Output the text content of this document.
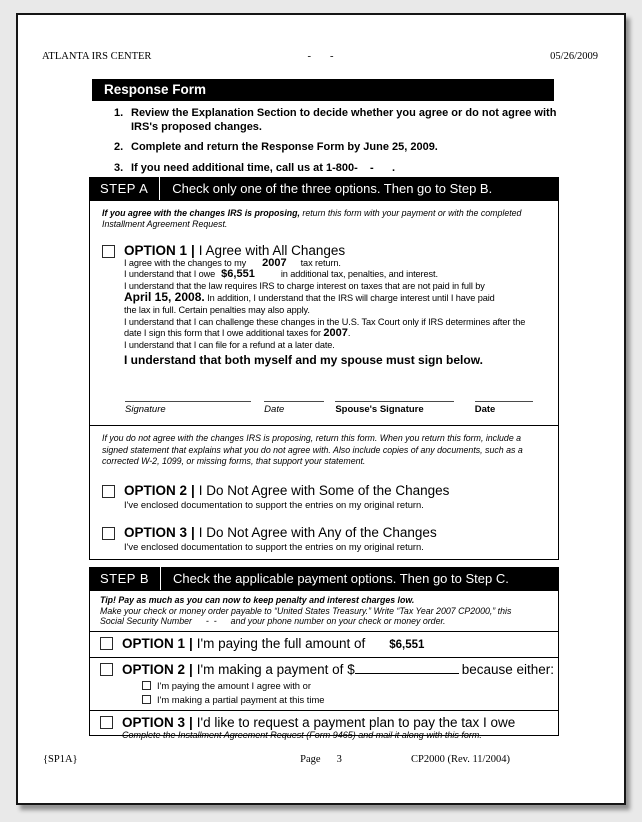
ATLANTA IRS CENTER	-     -	05/26/2009
Response Form
1. Review the Explanation Section to decide whether you agree or do not agree with IRS's proposed changes.
2. Complete and return the Response Form by June 25, 2009.
3. If you need additional time, call us at 1-800-    -      .
STEP A	Check only one of the three options. Then go to Step B.
If you agree with the changes IRS is proposing, return this form with your payment or with the completed Installment Agreement Request.
OPTION 1 | I Agree with All Changes
I agree with the changes to my 2007 tax return.
I understand that I owe $6,551	in additional tax, penalties, and interest.
I understand that the law requires IRS to charge interest on taxes that are not paid in full by
April 15, 2008. In addition, I understand that the IRS will charge interest until I have paid
the lax in full. Certain penalties may also apply.
I understand that I can challenge these changes in the U.S. Tax Court only if IRS determines after the
date I sign this form that I owe additional taxes for 2007.
I understand that I can file for a refund at a later date.
I understand that both myself and my spouse must sign below.
Signature	Date	Spouse's Signature	Date
If you do not agree with the changes IRS is proposing, return this form. When you return this form, include a signed statement that explains what you do not agree with. Also include copies of any documents, such as a corrected W-2, 1099, or missing forms, that support your statement.
OPTION 2 | I Do Not Agree with Some of the Changes
I've enclosed documentation to support the entries on my original return.
OPTION 3 | I Do Not Agree with Any of the Changes
I've enclosed documentation to support the entries on my original return.
STEP B	Check the applicable payment options. Then go to Step C.
Tip! Pay as much as you can now to keep penalty and interest charges low.
Make your check or money order payable to “United States Treasury.” Write “Tax Year 2007 CP2000,” this
Social Security Number -  - and your phone number on your check or money order.
OPTION 1 | I'm paying the full amount of $6,551
OPTION 2 | I'm making a payment of $	because either:
I'm paying the amount I agree with or
I'm making a partial payment at this time
OPTION 3 | I'd like to request a payment plan to pay the tax I owe
Complete the Installment Agreement Request (Form 9465) and mail it along with this form.
{SP1A}	Page 3	CP2000 (Rev. 11/2004)
